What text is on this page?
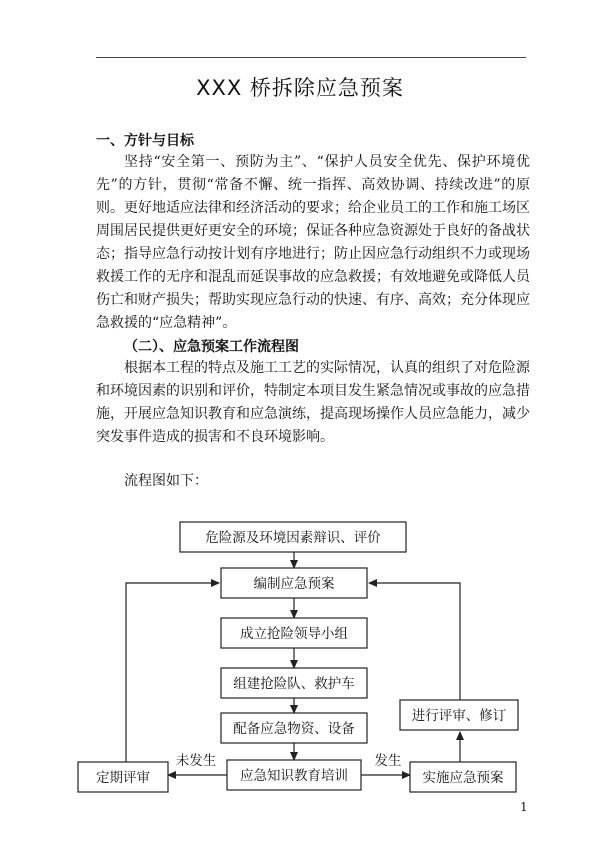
XXX 桥拆除应急预案
一、方针与目标

坚持“安全第一、预防为主”、“保护人员安全优先、保护环境优先”的方针，贯彻“常备不懈、统一指挥、高效协调、持续改进”的原则。更好地适应法律和经济活动的要求；给企业员工的工作和施工场区周围居民提供更好更安全的环境；保证各种应急资源处于良好的备战状态；指导应急行动按计划有序地进行；防止因应急行动组织不力或现场救援工作的无序和混乱而延误事故的应急救援；有效地避免或降低人员伤亡和财产损失；帮助实现应急行动的快速、有序、高效；充分体现应急救援的“应急精神”。

（二）、应急预案工作流程图

根据本工程的特点及施工工艺的实际情况，认真的组织了对危险源和环境因素的识别和评价，特制定本项目发生紧急情况或事故的应急措施，开展应急知识教育和应急演练，提高现场操作人员应急能力，减少突发事件造成的损害和不良环境影响。

流程图如下：
危险源及环境因素辩识、评价
编制应急预案
成立抢险领导小组
组建抢险队、救护车
配备应急物资、设备
应急知识教育培训
定期评审	实施应急预案
进行评审、修订
未发生	发生
1
